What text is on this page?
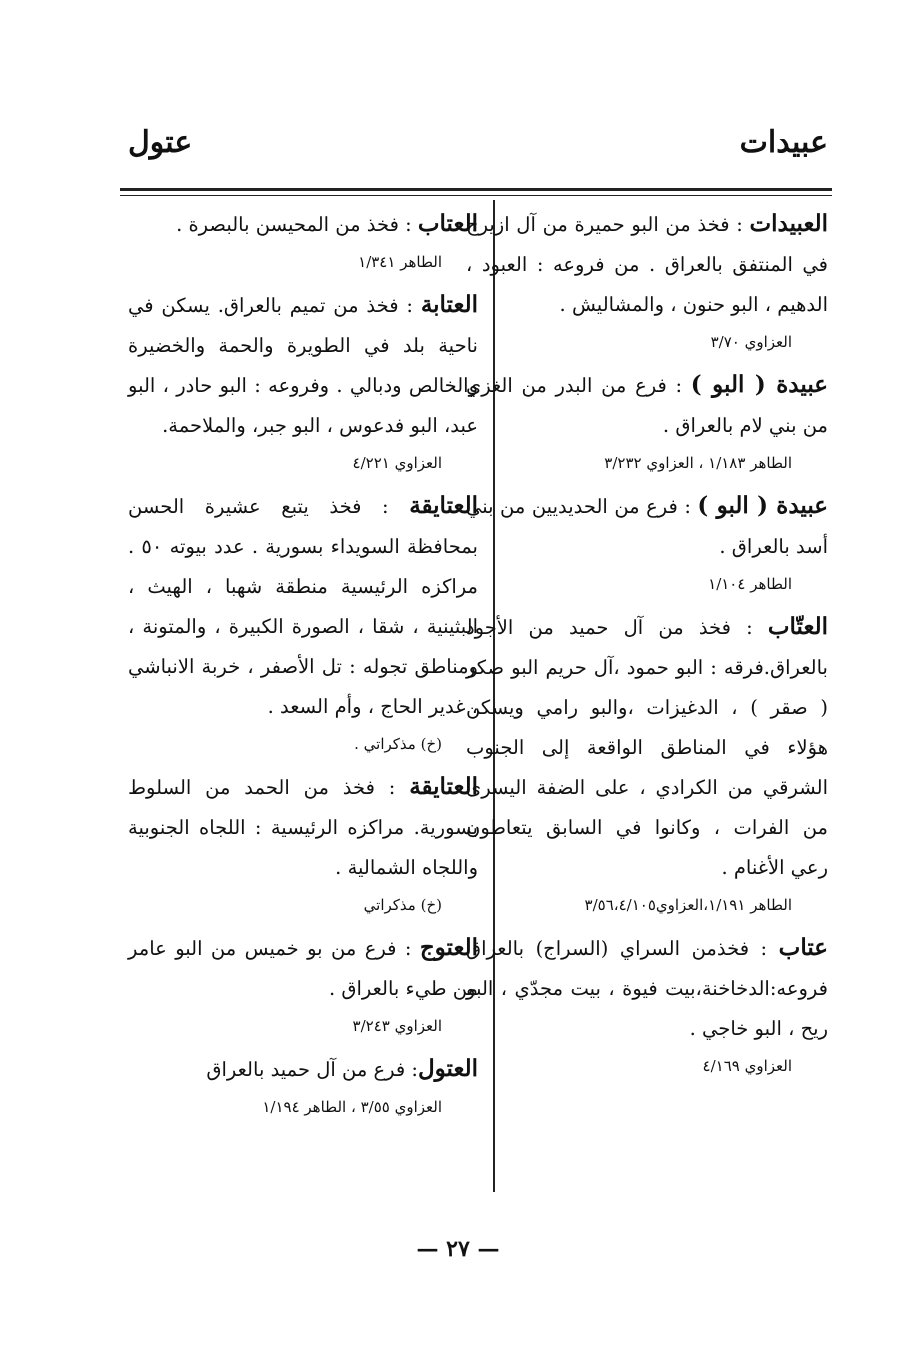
عبيدات
عتول

العبيدات : فخذ من البو حميرة من آل ازيرج في المنتفق بالعراق . من فروعه : العبود ، الدهيم ، البو حنون ، والمشاليش .

العزاوي ٣/٧٠

عبيدة ( البو ) : فرع من البدر من الغزي من بني لام بالعراق .

الطاهر ١/١٨٣ ، العزاوي ٣/٢٣٢

عبيدة ( البو ) : فرع من الحديديين من بني أسد بالعراق .

الطاهر ١/١٠٤

العتّاب : فخذ من آل حميد من الأجود بالعراق.فرقه : البو حمود ،آل حريم البو صكر ( صقر ) ، الدغيزات ،والبو رامي ويسكن هؤلاء في المناطق الواقعة إلى الجنوب الشرقي من الكرادي ، على الضفة اليسرى من الفرات ، وكانوا في السابق يتعاطون رعي الأغنام .

الطاهر ١/١٩١،العزاوي٣/٥٦،٤/١٠٥

عتاب : فخذمن السراي (السراج) بالعراق فروعه:الدخاخنة،بيت فيوة ، بيت مجدّي ، البو ريح ، البو خاجي .

العزاوي ٤/١٦٩

العتاب : فخذ من المحيسن بالبصرة .

الطاهر ١/٣٤١

العتابة : فخذ من تميم بالعراق. يسكن في ناحية بلد في الطويرة والحمة والخضيرة والخالص ودبالي . وفروعه : البو حادر ، البو عبد، البو فدعوس ، البو جبر، والملاحمة.

العزاوي ٤/٢٢١

العتايقة : فخذ يتبع عشيرة الحسن بمحافظة السويداء بسورية . عدد بيوته ٥٠ . مراكزه الرئيسية منطقة شهبا ، الهيث ، البثينية ، شقا ، الصورة الكبيرة ، والمتونة ، ومناطق تجوله : تل الأصفر ، خربة الانباشي ، غدير الحاج ، وأم السعد .

(خ) مذكراتي .

العتايقة : فخذ من الحمد من السلوط بسورية. مراكزه الرئيسية : اللجاه الجنوبية واللجاه الشمالية .

(خ) مذكراتي

العتوج : فرع من بو خميس من البو عامر من طيء بالعراق .

العزاوي ٣/٢٤٣

العتول: فرع من آل حميد بالعراق

العزاوي ٣/٥٥ ، الطاهر ١/١٩٤
— ٢٧ —
